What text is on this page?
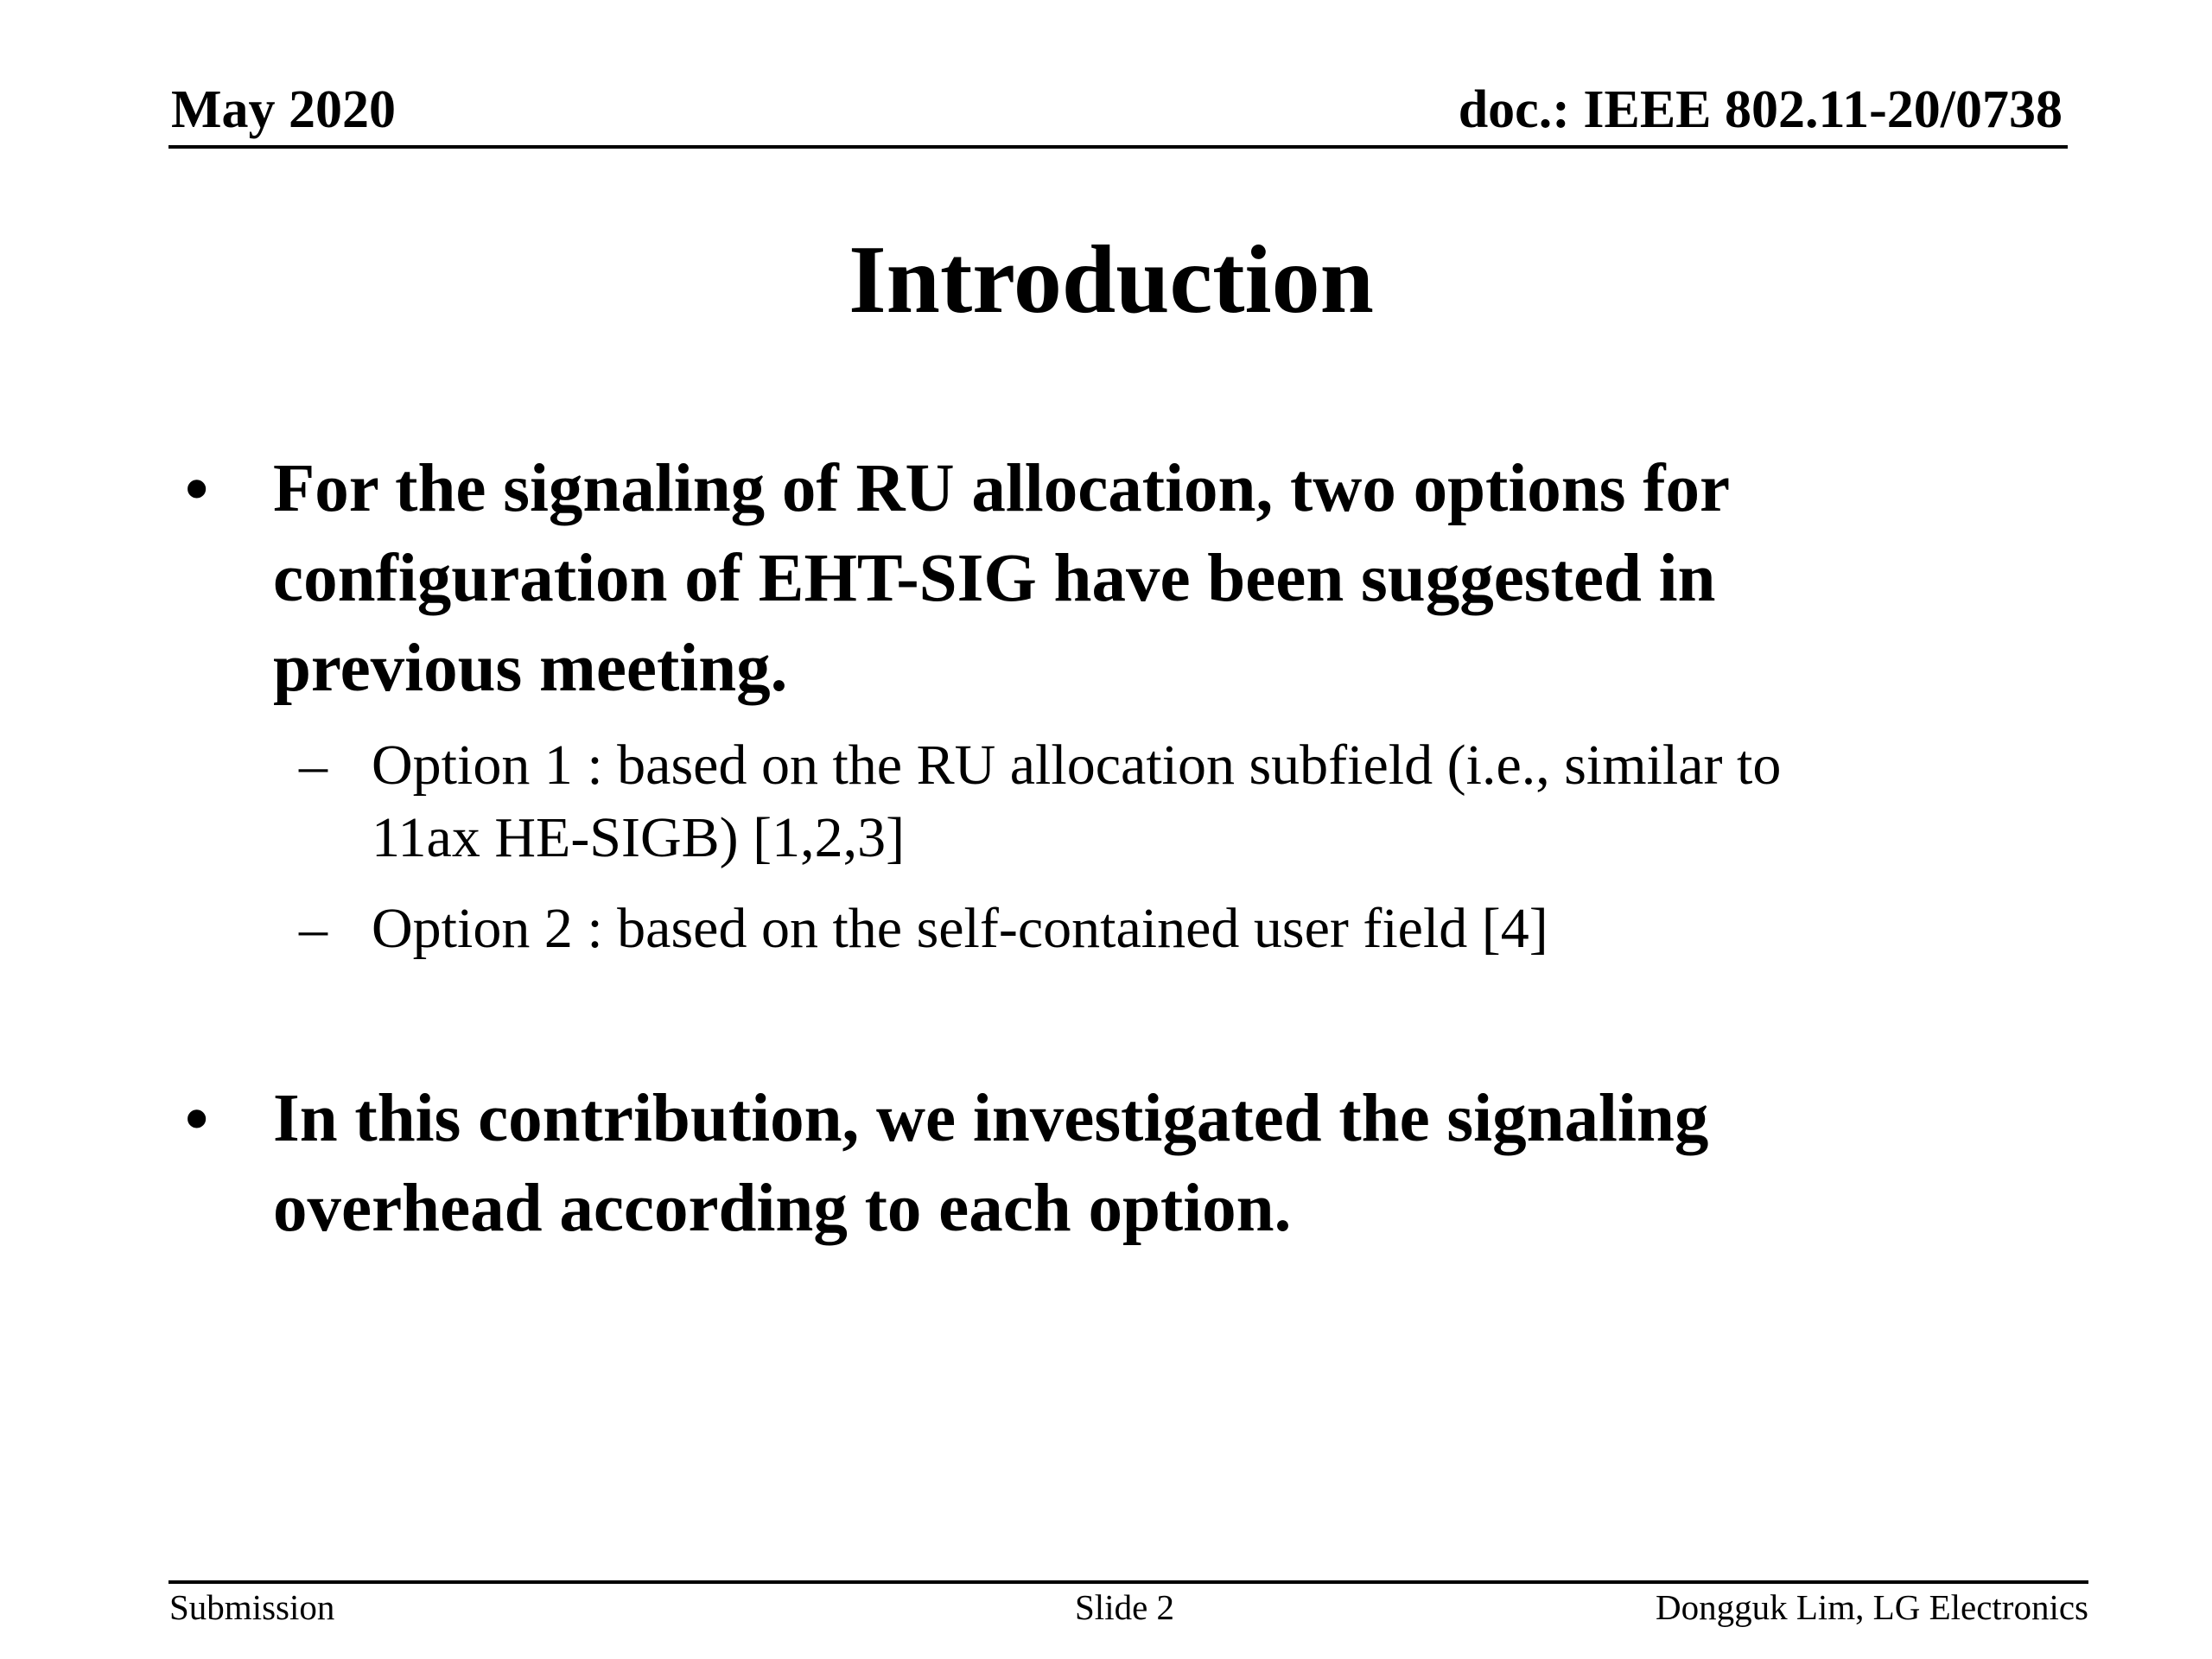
May 2020	doc.: IEEE 802.11-20/0738
Introduction
• For the signaling of RU allocation, two options for
configuration of EHT-SIG have been suggested in
previous meeting.
– Option 1 : based on the RU allocation subfield (i.e., similar to
11ax HE-SIGB) [1,2,3]
– Option 2 : based on the self-contained user field [4]
• In this contribution, we investigated the signaling
overhead according to each option.
Submission	Slide 2	Dongguk Lim, LG Electronics
